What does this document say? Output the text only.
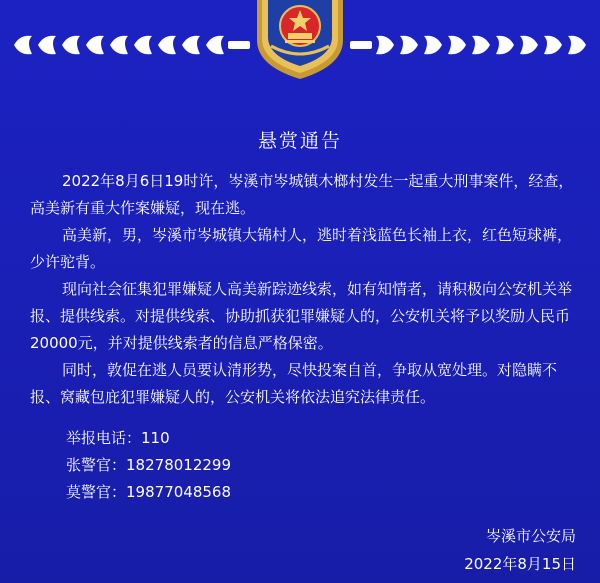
悬赏通告

2022年8月6日19时许，岑溪市岑城镇木榔村发生一起重大刑事案件，经查，高美新有重大作案嫌疑，现在逃。

高美新，男，岑溪市岑城镇大锦村人，逃时着浅蓝色长袖上衣，红色短球裤，少许驼背。

现向社会征集犯罪嫌疑人高美新踪迹线索，如有知情者，请积极向公安机关举报、提供线索。对提供线索、协助抓获犯罪嫌疑人的，公安机关将予以奖励人民币20000元，并对提供线索者的信息严格保密。

同时，敦促在逃人员要认清形势，尽快投案自首，争取从宽处理。对隐瞒不报、窝藏包庇犯罪嫌疑人的，公安机关将依法追究法律责任。

举报电话：110
张警官：18278012299
莫警官：19877048568
岑溪市公安局
2022年8月15日
